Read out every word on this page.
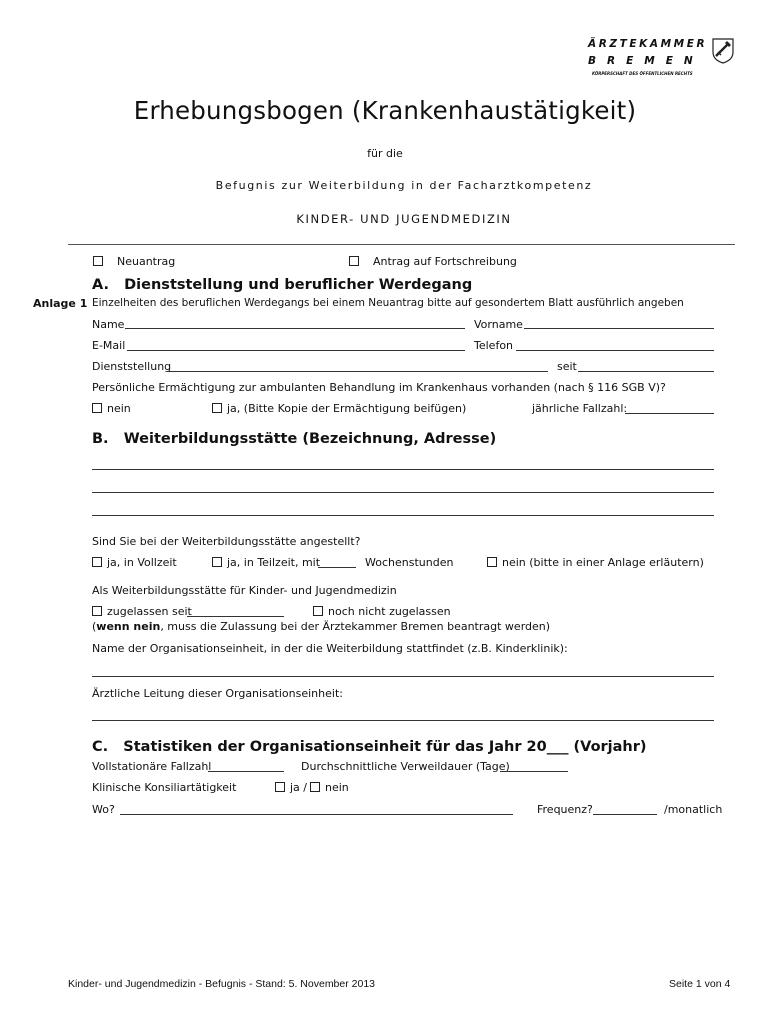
ÄRZTEKAMMER
BREMEN
KÖRPERSCHAFT DES ÖFFENTLICHEN RECHTS
Erhebungsbogen (Krankenhaustätigkeit)
für die
Befugnis zur Weiterbildung in der Facharztkompetenz
KINDER- UND JUGENDMEDIZIN
Neuantrag	Antrag auf Fortschreibung
A.   Dienststellung und beruflicher Werdegang
Anlage 1 Einzelheiten des beruflichen Werdegangs bei einem Neuantrag bitte auf gesondertem Blatt ausführlich angeben
Name	Vorname
E-Mail	Telefon
Dienststellung	seit
Persönliche Ermächtigung zur ambulanten Behandlung im Krankenhaus vorhanden (nach § 116 SGB V)?
nein	ja, (Bitte Kopie der Ermächtigung beifügen)	jährliche Fallzahl:
B.   Weiterbildungsstätte (Bezeichnung, Adresse)
Sind Sie bei der Weiterbildungsstätte angestellt?
ja, in Vollzeit	ja, in Teilzeit, mit	Wochenstunden	nein (bitte in einer Anlage erläutern)
Als Weiterbildungsstätte für Kinder- und Jugendmedizin
zugelassen seit	noch nicht zugelassen
(wenn nein, muss die Zulassung bei der Ärztekammer Bremen beantragt werden)
Name der Organisationseinheit, in der die Weiterbildung stattfindet (z.B. Kinderklinik):
Ärztliche Leitung dieser Organisationseinheit:
C.   Statistiken der Organisationseinheit für das Jahr 20___ (Vorjahr)
Vollstationäre Fallzahl	Durchschnittliche Verweildauer (Tage)
Klinische Konsiliartätigkeit	ja /	nein
Wo?	Frequenz?	/monatlich
Kinder- und Jugendmedizin - Befugnis - Stand: 5. November 2013	Seite 1 von 4
